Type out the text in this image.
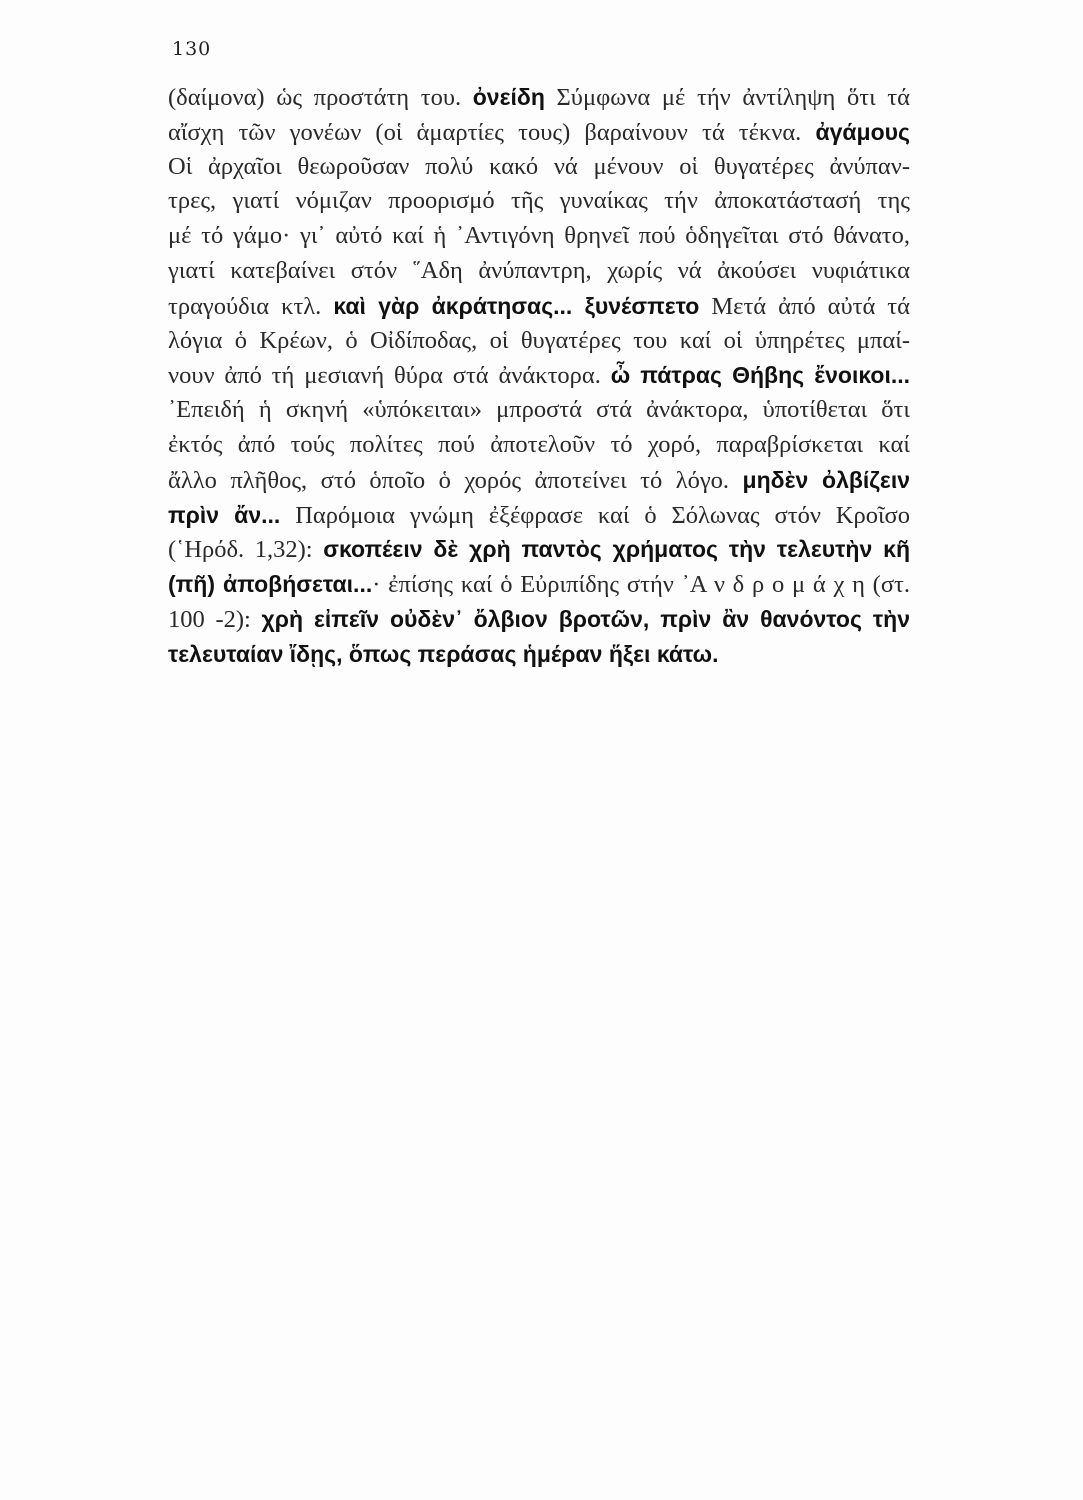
130
(δαίμονα) ὡς προστάτη του. ὀνείδη Σύμφωνα μέ τήν ἀντίληψη ὅτι τά
αἴσχη τῶν γονέων (οἱ ἁμαρτίες τους) βαραίνουν τά τέκνα. ἀγάμους
Οἱ ἀρχαῖοι θεωροῦσαν πολύ κακό νά μένουν οἱ θυγατέρες ἀνύπαν-
τρες, γιατί νόμιζαν προορισμό τῆς γυναίκας τήν ἀποκατάστασή της
μέ τό γάμο· γι᾽ αὐτό καί ἡ ᾽Αντιγόνη θρηνεῖ πού ὁδηγεῖται στό θάνατο,
γιατί κατεβαίνει στόν ῞Αδη ἀνύπαντρη, χωρίς νά ἀκούσει νυφιάτικα
τραγούδια κτλ. καὶ γὰρ ἀκράτησας... ξυνέσπετο Μετά ἀπό αὐτά τά
λόγια ὁ Κρέων, ὁ Οἰδίποδας, οἱ θυγατέρες του καί οἱ ὑπηρέτες μπαί-
νουν ἀπό τή μεσιανή θύρα στά ἀνάκτορα. ὦ πάτρας Θήβης ἔνοικοι...
᾽Επειδή ἡ σκηνή «ὑπόκειται» μπροστά στά ἀνάκτορα, ὑποτίθεται ὅτι
ἐκτός ἀπό τούς πολίτες πού ἀποτελοῦν τό χορό, παραβρίσκεται καί
ἄλλο πλῆθος, στό ὁποῖο ὁ χορός ἀποτείνει τό λόγο. μηδὲν ὀλβίζειν
πρὶν ἄν... Παρόμοια γνώμη ἐξέφρασε καί ὁ Σόλωνας στόν Κροῖσο
(῾Ηρόδ. 1,32): σκοπέειν δὲ χρὴ παντὸς χρήματος τὴν τελευτὴν κῆ
(πῆ) ἀποβήσεται...· ἐπίσης καί ὁ Εὐριπίδης στήν ᾽Α ν δ ρ ο μ ά χ η (στ.
100 -2): χρὴ εἰπεῖν οὐδὲν᾽ ὄλβιον βροτῶν, πρὶν ἂν θανόντος τὴν
τελευταίαν ἴδῃς, ὅπως περάσας ἡμέραν ἥξει κάτω.
